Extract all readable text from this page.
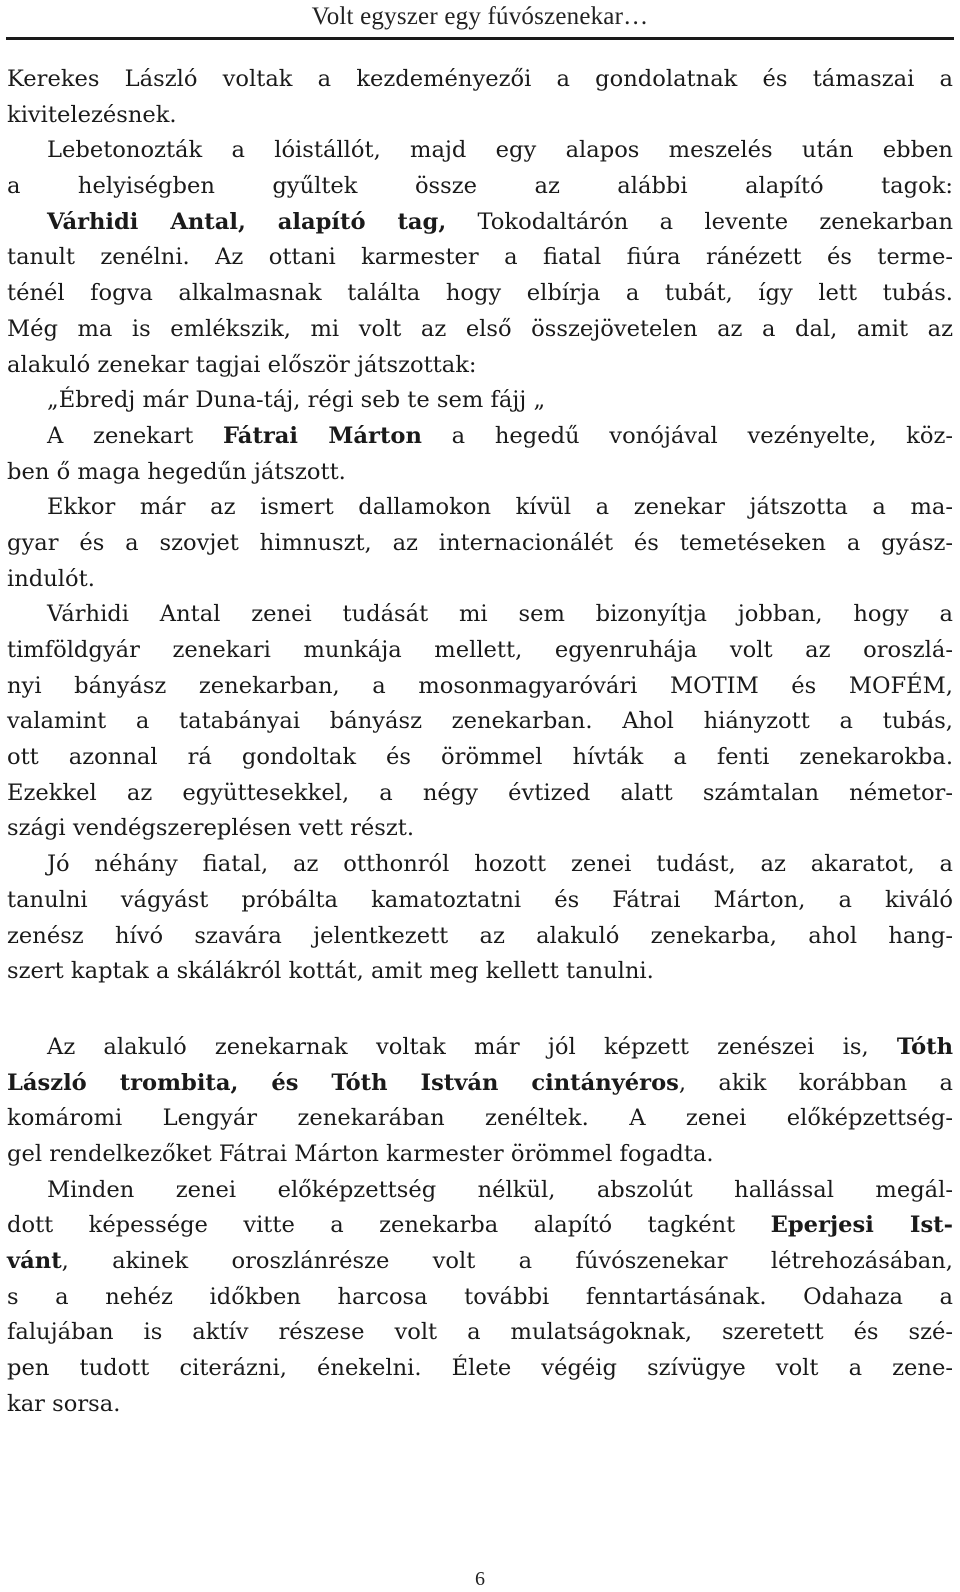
Volt egyszer egy fúvószenekar…
Kerekes László voltak a kezdeményezői a gondolatnak és támaszai a
kivitelezésnek.
Lebetonozták a lóistállót, majd egy alapos meszelés után ebben
a helyiségben gyűltek össze az alábbi alapító tagok:
Várhidi Antal, alapító tag, Tokodaltárón a levente zenekarban
tanult zenélni. Az ottani karmester a fiatal fiúra ránézett és terme-
ténél fogva alkalmasnak találta hogy elbírja a tubát, így lett tubás.
Még ma is emlékszik, mi volt az első összejövetelen az a dal, amit az
alakuló zenekar tagjai először játszottak:
„Ébredj már Duna-táj, régi seb te sem fájj „
A zenekart Fátrai Márton a hegedű vonójával vezényelte, köz-
ben ő maga hegedűn játszott.
Ekkor már az ismert dallamokon kívül a zenekar játszotta a ma-
gyar és a szovjet himnuszt, az internacionálét és temetéseken a gyász-
indulót.
Várhidi Antal zenei tudását mi sem bizonyítja jobban, hogy a
timföldgyár zenekari munkája mellett, egyenruhája volt az oroszlá-
nyi bányász zenekarban, a mosonmagyaróvári MOTIM és MOFÉM,
valamint a tatabányai bányász zenekarban. Ahol hiányzott a tubás,
ott azonnal rá gondoltak és örömmel hívták a fenti zenekarokba.
Ezekkel az együttesekkel, a négy évtized alatt számtalan németor-
szági vendégszereplésen vett részt.
Jó néhány fiatal, az otthonról hozott zenei tudást, az akaratot, a
tanulni vágyást próbálta kamatoztatni és Fátrai Márton, a kiváló
zenész hívó szavára jelentkezett az alakuló zenekarba, ahol hang-
szert kaptak a skálákról kottát, amit meg kellett tanulni.
Az alakuló zenekarnak voltak már jól képzett zenészei is, Tóth
László trombita, és Tóth István cintányéros, akik korábban a
komáromi Lengyár zenekarában zenéltek. A zenei előképzettség-
gel rendelkezőket Fátrai Márton karmester örömmel fogadta.
Minden zenei előképzettség nélkül, abszolút hallással megál-
dott képessége vitte a zenekarba alapító tagként Eperjesi Ist-
vánt, akinek oroszlánrésze volt a fúvószenekar létrehozásában,
s a nehéz időkben harcosa további fenntartásának. Odahaza a
falujában is aktív részese volt a mulatságoknak, szeretett és szé-
pen tudott citerázni, énekelni. Élete végéig szívügye volt a zene-
kar sorsa.
6
